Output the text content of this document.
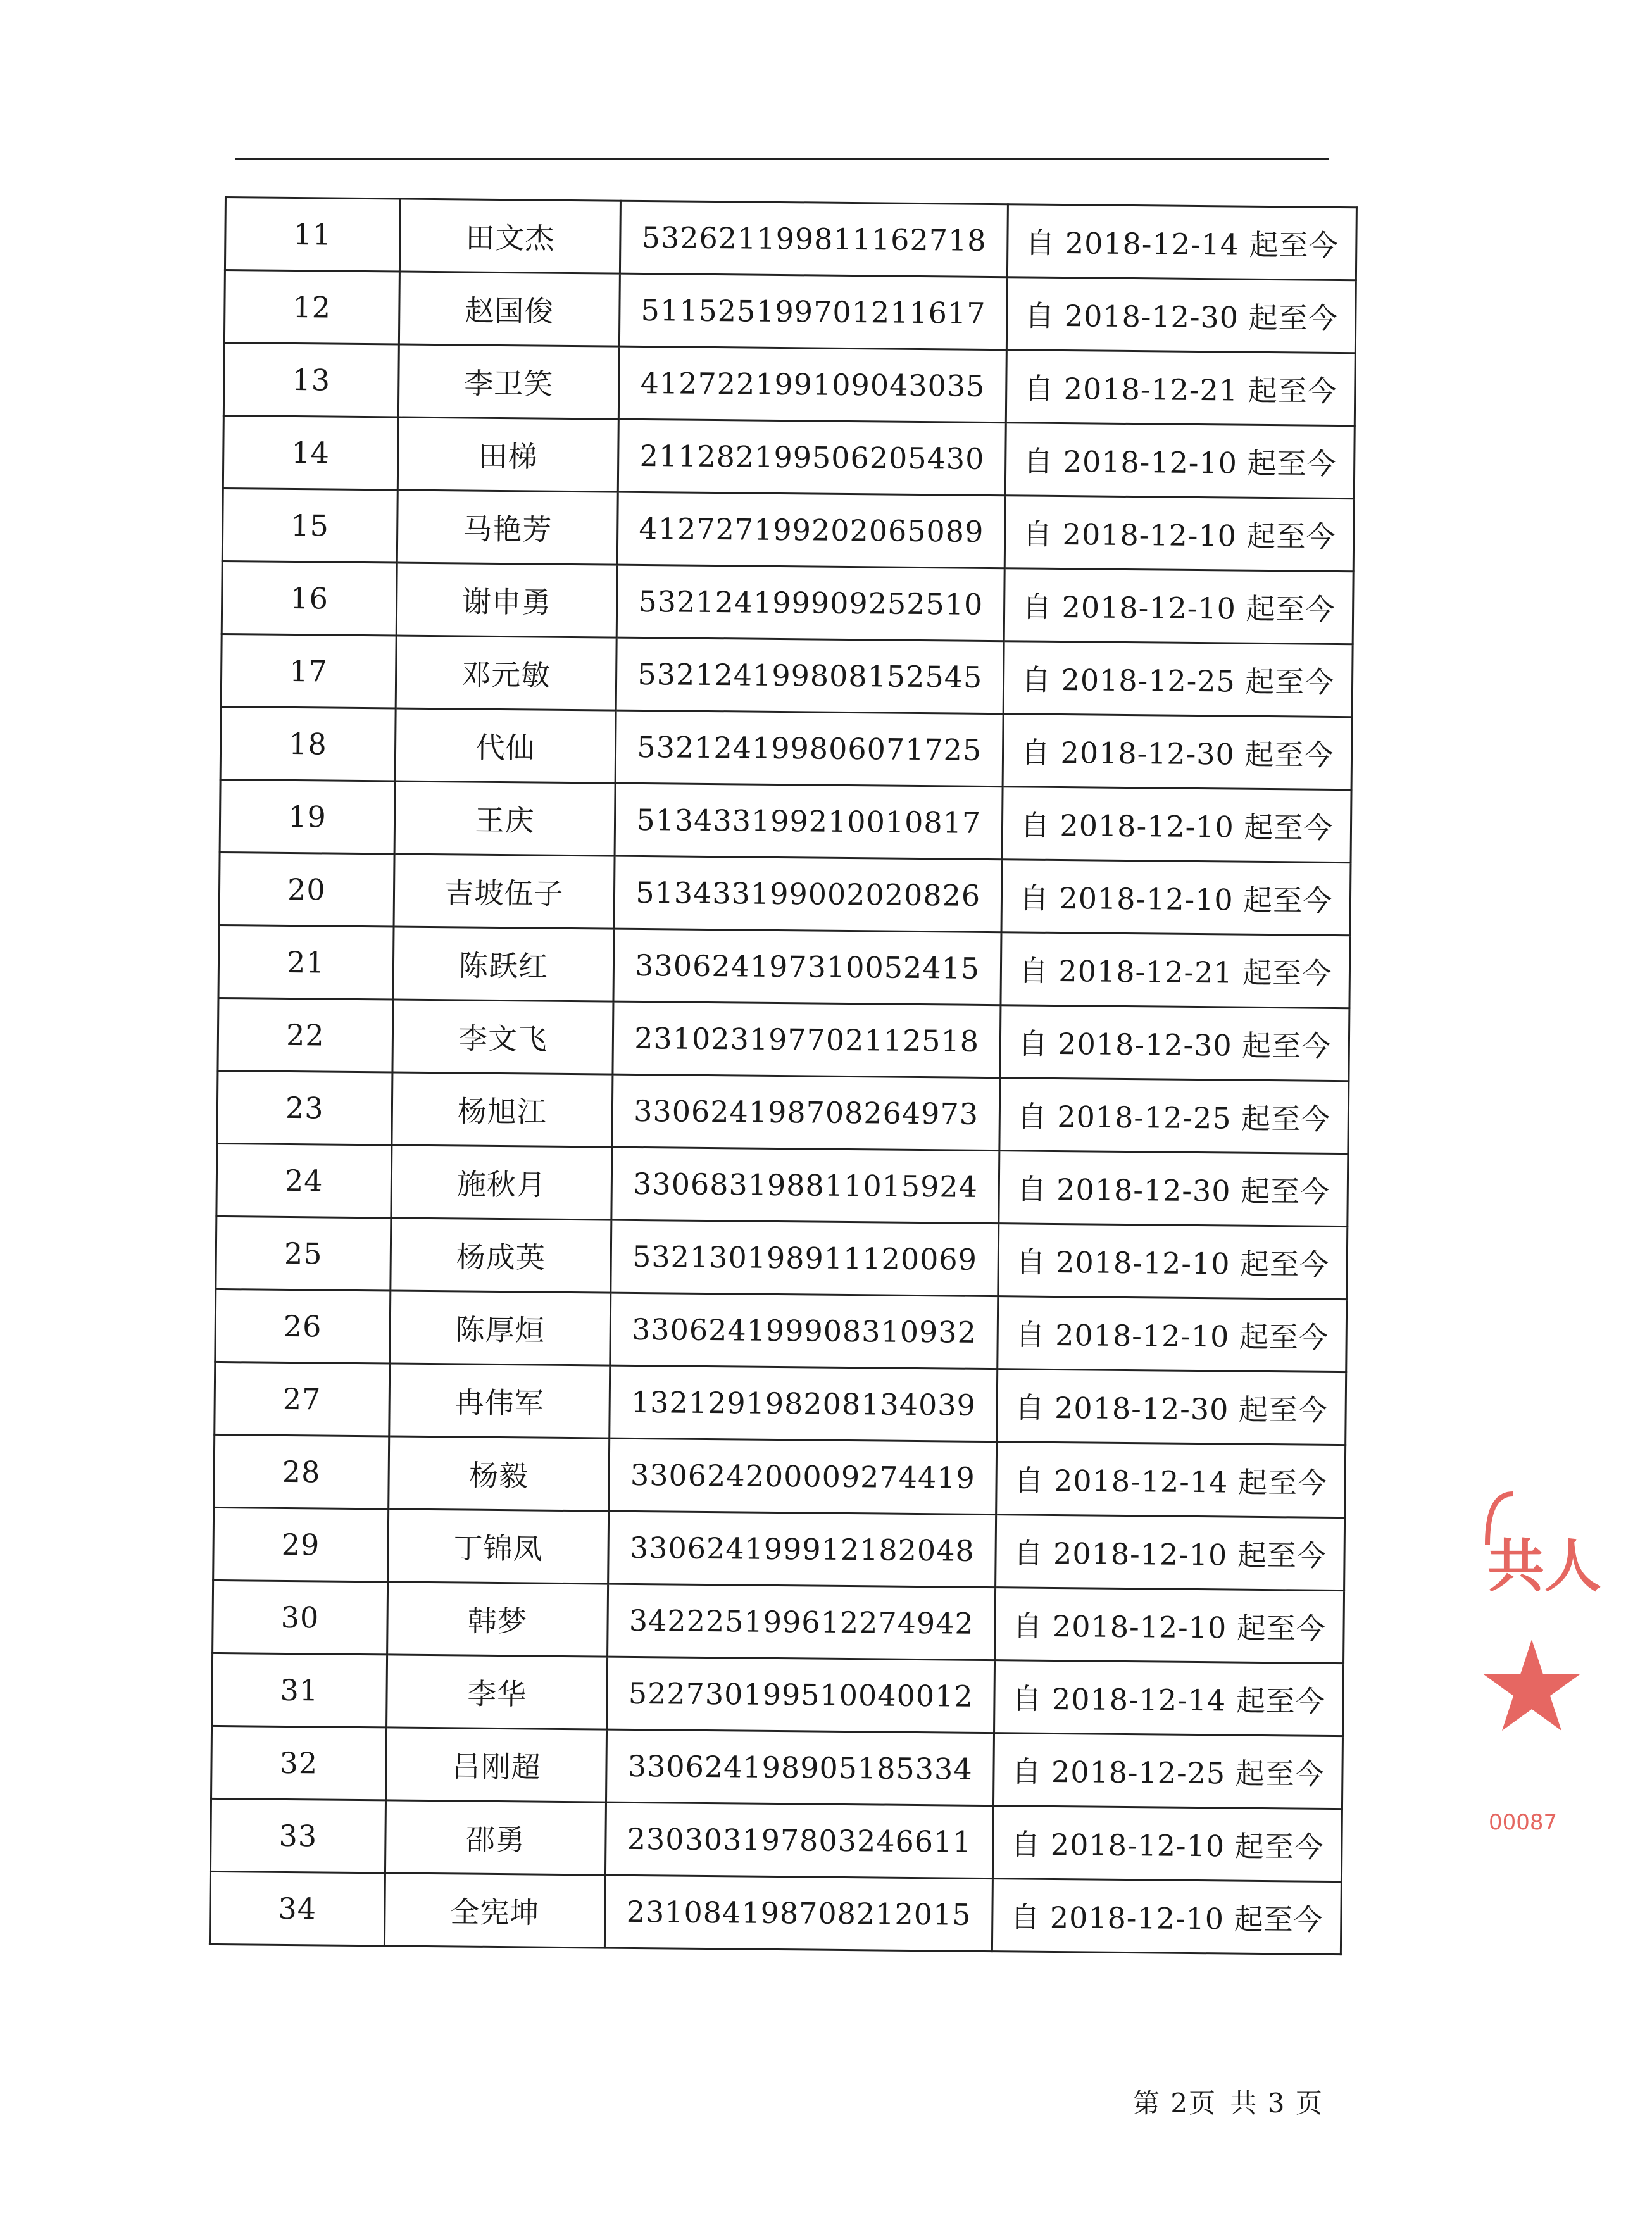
11	田文杰	532621199811162718	自 2018-12-14 起至今
12	赵国俊	511525199701211617	自 2018-12-30 起至今
13	李卫笑	412722199109043035	自 2018-12-21 起至今
14	田梯	211282199506205430	自 2018-12-10 起至今
15	马艳芳	412727199202065089	自 2018-12-10 起至今
16	谢申勇	532124199909252510	自 2018-12-10 起至今
17	邓元敏	532124199808152545	自 2018-12-25 起至今
18	代仙	532124199806071725	自 2018-12-30 起至今
19	王庆	513433199210010817	自 2018-12-10 起至今
20	吉坡伍子	513433199002020826	自 2018-12-10 起至今
21	陈跃红	330624197310052415	自 2018-12-21 起至今
22	李文飞	231023197702112518	自 2018-12-30 起至今
23	杨旭江	330624198708264973	自 2018-12-25 起至今
24	施秋月	330683198811015924	自 2018-12-30 起至今
25	杨成英	532130198911120069	自 2018-12-10 起至今
26	陈厚烜	330624199908310932	自 2018-12-10 起至今
27	冉伟军	132129198208134039	自 2018-12-30 起至今
28	杨毅	330624200009274419	自 2018-12-14 起至今
29	丁锦凤	330624199912182048	自 2018-12-10 起至今
30	韩梦	342225199612274942	自 2018-12-10 起至今
31	李华	522730199510040012	自 2018-12-14 起至今
32	吕刚超	330624198905185334	自 2018-12-25 起至今
33	邵勇	230303197803246611	自 2018-12-10 起至今
34	全宪坤	231084198708212015	自 2018-12-10 起至今
第 2页 共 3 页
共人
00087
